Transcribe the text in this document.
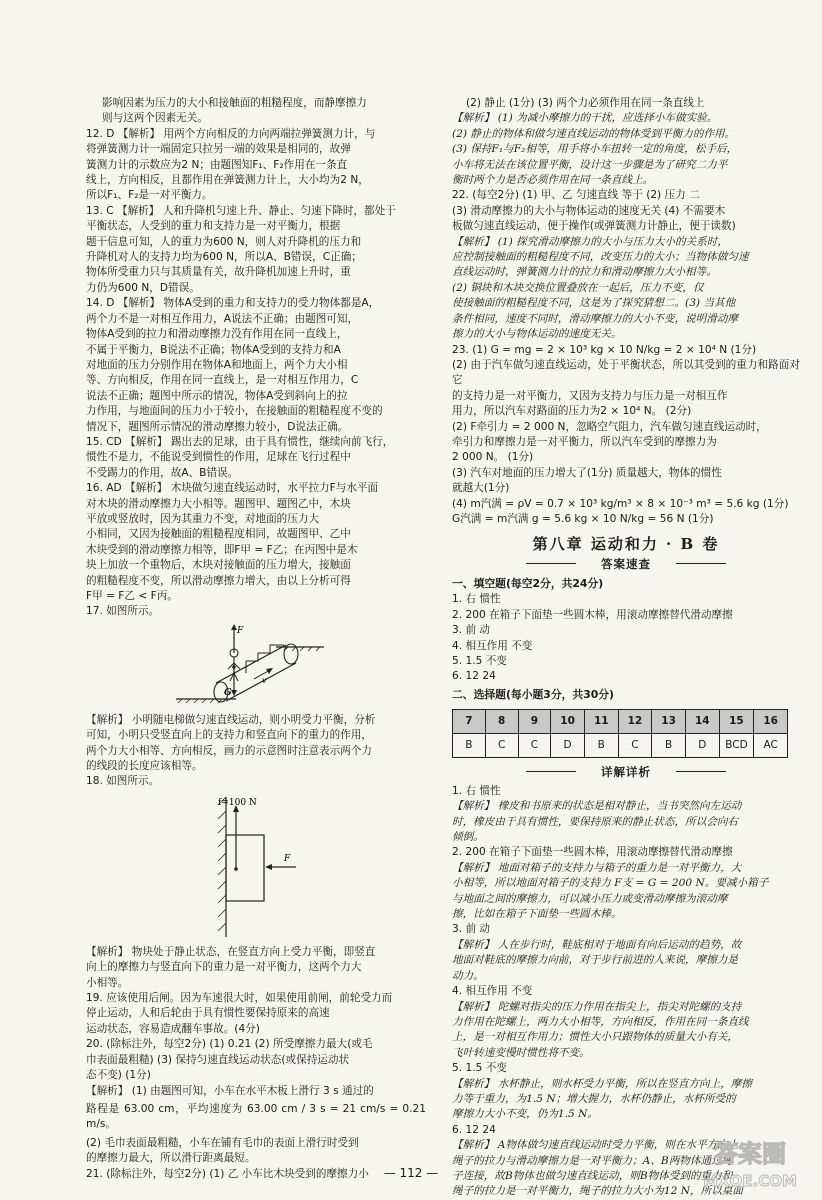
影响因素为压力的大小和接触面的粗糙程度，而静摩擦力
则与这两个因素无关。

12. D 【解析】 用两个方向相反的力向两端拉弹簧测力计，与
将弹簧测力计一端固定只拉另一端的效果是相同的，故弹
簧测力计的示数应为2 N；由题图知F₁、F₂作用在一条直
线上，方向相反，且都作用在弹簧测力计上，大小均为2 N，
所以F₁、F₂是一对平衡力。

13. C 【解析】 人和升降机匀速上升、静止、匀速下降时，都处于
平衡状态，人受到的重力和支持力是一对平衡力，根据
题干信息可知，人的重力为600 N，则人对升降机的压力和
升降机对人的支持力均为600 N，所以A、B错误，C正确；
物体所受重力只与其质量有关，故升降机加速上升时，重
力仍为600 N，D错误。

14. D 【解析】 物体A受到的重力和支持力的受力物体都是A，
两个力不是一对相互作用力，A说法不正确；由题图可知，
物体A受到的拉力和滑动摩擦力没有作用在同一直线上，
不属于平衡力，B说法不正确；物体A受到的支持力和A
对地面的压力分别作用在物体A和地面上，两个力大小相
等、方向相反，作用在同一直线上，是一对相互作用力，C
说法不正确；题图中所示的情况，物体A受到斜向上的拉
力作用，与地面间的压力小于较小，在接触面的粗糙程度不变的
情况下，题图所示情况的滑动摩擦力较小，D说法正确。

15. CD 【解析】 踢出去的足球，由于具有惯性，继续向前飞行，
惯性不是力，不能说受到惯性的作用，足球在飞行过程中
不受踢力的作用，故A、B错误。

16. AD 【解析】 木块做匀速直线运动时，水平拉力F与水平面
对木块的滑动摩擦力大小相等。题图甲、题图乙中，木块
平放或竖放时，因为其重力不变，对地面的压力大
小相同，又因为接触面的粗糙程度相同，故题图甲、乙中
木块受到的滑动摩擦力相等，即F甲 = F乙；在丙图中是木
块上加放一个重物后，木块对接触面的压力增大，接触面
的粗糙程度不变，所以滑动摩擦力增大，由以上分析可得
F甲 = F乙 < F丙。

17. 如图所示。

F
G
v

【解析】 小明随电梯做匀速直线运动，则小明受力平衡，分析
可知，小明只受竖直向上的支持力和竖直向下的重力的作用，
两个力大小相等、方向相反，画力的示意图时注意表示两个力
的线段的长度应该相等。

18. 如图所示。

f=100 N
F

【解析】 物块处于静止状态，在竖直方向上受力平衡，即竖直
向上的摩擦力与竖直向下的重力是一对平衡力，这两个力大
小相等。

19. 应该使用后闸。因为车速很大时，如果使用前闸，前轮受力而
停止运动，人和后轮由于具有惯性要保持原来的高速
运动状态，容易造成翻车事故。(4分)

20. (除标注外，每空2分) (1) 0.21 (2) 所受摩擦力最大(或毛
巾表面最粗糙) (3) 保持匀速直线运动状态(或保持运动状
态不变) (1分)

【解析】 (1) 由题图可知，小车在水平木板上滑行 3 s 通过的

路程是 63.00 cm，平均速度为 63.00 cm / 3 s = 21 cm/s = 0.21 m/s。

(2) 毛巾表面最粗糙，小车在铺有毛巾的表面上滑行时受到
的摩擦力最大，所以滑行距离最短。

21. (除标注外，每空2分) (1) 乙 小车比木块受到的摩擦力小

(2) 静止 (1分) (3) 两个力必须作用在同一条直线上

【解析】 (1) 为减小摩擦力的干扰，应选择小车做实验。
(2) 静止的物体和做匀速直线运动的物体受到平衡力的作用。
(3) 保持F₁与F₂相等，用手将小车扭转一定的角度，松手后，
小车将无法在该位置平衡，设计这一步骤是为了研究二力平
衡时两个力是否必须作用在同一条直线上。

22. (每空2分) (1) 甲、乙 匀速直线 等于 (2) 压力 二
(3) 滑动摩擦力的大小与物体运动的速度无关 (4) 不需要木
板做匀速直线运动，便于操作(或弹簧测力计静止，便于读数)

【解析】 (1) 探究滑动摩擦力的大小与压力大小的关系时，
应控制接触面的粗糙程度不同，改变压力的大小；当物体做匀速
直线运动时，弹簧测力计的拉力和滑动摩擦力大小相等。
(2) 铜块和木块交换位置叠放在一起后，压力不变，仅
使接触面的粗糙程度不同，这是为了探究猜想二。(3) 当其他
条件相同，速度不同时，滑动摩擦力的大小不变，说明滑动摩
擦力的大小与物体运动的速度无关。

23. (1) G = mg = 2 × 10³ kg × 10 N/kg = 2 × 10⁴ N (1分)
(2) 由于汽车做匀速直线运动，处于平衡状态，所以其受到的重力和路面对它
的支持力是一对平衡力，又因为支持力与压力是一对相互作
用力，所以汽车对路面的压力为2 × 10⁴ N。 (2分)
(2) F牵引力 = 2 000 N，忽略空气阻力，汽车做匀速直线运动时，
牵引力和摩擦力是一对平衡力，所以汽车受到的摩擦力为
2 000 N。 (1分)
(3) 汽车对地面的压力增大了(1分) 质量越大，物体的惯性
就越大(1分)

(4) m汽满 = ρV = 0.7 × 10³ kg/m³ × 8 × 10⁻³ m³ = 5.6 kg (1分)
G汽满 = m汽满 g = 5.6 kg × 10 N/kg = 56 N (1分)

第八章 运动和力 · B 卷
答案速查

一、填空题(每空2分，共24分)

1. 右 惯性

2. 200 在箱子下面垫一些圆木棒，用滚动摩擦替代滑动摩擦

3. 前 动

4. 相互作用 不变

5. 1.5 不变

6. 12 24

二、选择题(每小题3分，共30分)

7	8	9	10	11	12	13	14	15	16
B	C	C	D	B	C	B	D	BCD	AC
详解详析

1. 右 惯性

【解析】 橡皮和书原来的状态是相对静止，当书突然向左运动
时，橡皮由于具有惯性，要保持原来的静止状态，所以会向右
倾倒。

2. 200 在箱子下面垫一些圆木棒，用滚动摩擦替代滑动摩擦

【解析】 地面对箱子的支持力与箱子的重力是一对平衡力，大
小相等，所以地面对箱子的支持力 F支 = G = 200 N。要减小箱子
与地面之间的摩擦力，可以减小压力或变滑动摩擦为滚动摩
擦，比如在箱子下面垫一些圆木棒。

3. 前 动

【解析】 人在步行时，鞋底相对于地面有向后运动的趋势，故
地面对鞋底的摩擦力向前，对于步行前进的人来说，摩擦力是
动力。

4. 相互作用 不变

【解析】 陀螺对指尖的压力作用在指尖上，指尖对陀螺的支持
力作用在陀螺上，两力大小相等，方向相反，作用在同一条直线
上，是一对相互作用力；惯性大小只跟物体的质量大小有关，
飞叶转速变慢时惯性将不变。

5. 1.5 不变

【解析】 水杯静止，则水杯受力平衡，所以在竖直方向上，摩擦
力等于重力，为1.5 N；增大握力，水杯仍静止，水杯所受的
摩擦力大小不变，仍为1.5 N。

6. 12 24

【解析】 A物体做匀速直线运动时受力平衡，则在水平方向上
绳子的拉力与滑动摩擦力是一对平衡力；A、B两物体通过绳
子连接，故B物体也做匀速直线运动，则B物体受到的重力和
绳子的拉力是一对平衡力，绳子的拉力大小为12 N，所以桌面

— 112 —
答案圈
MXQE.COM
